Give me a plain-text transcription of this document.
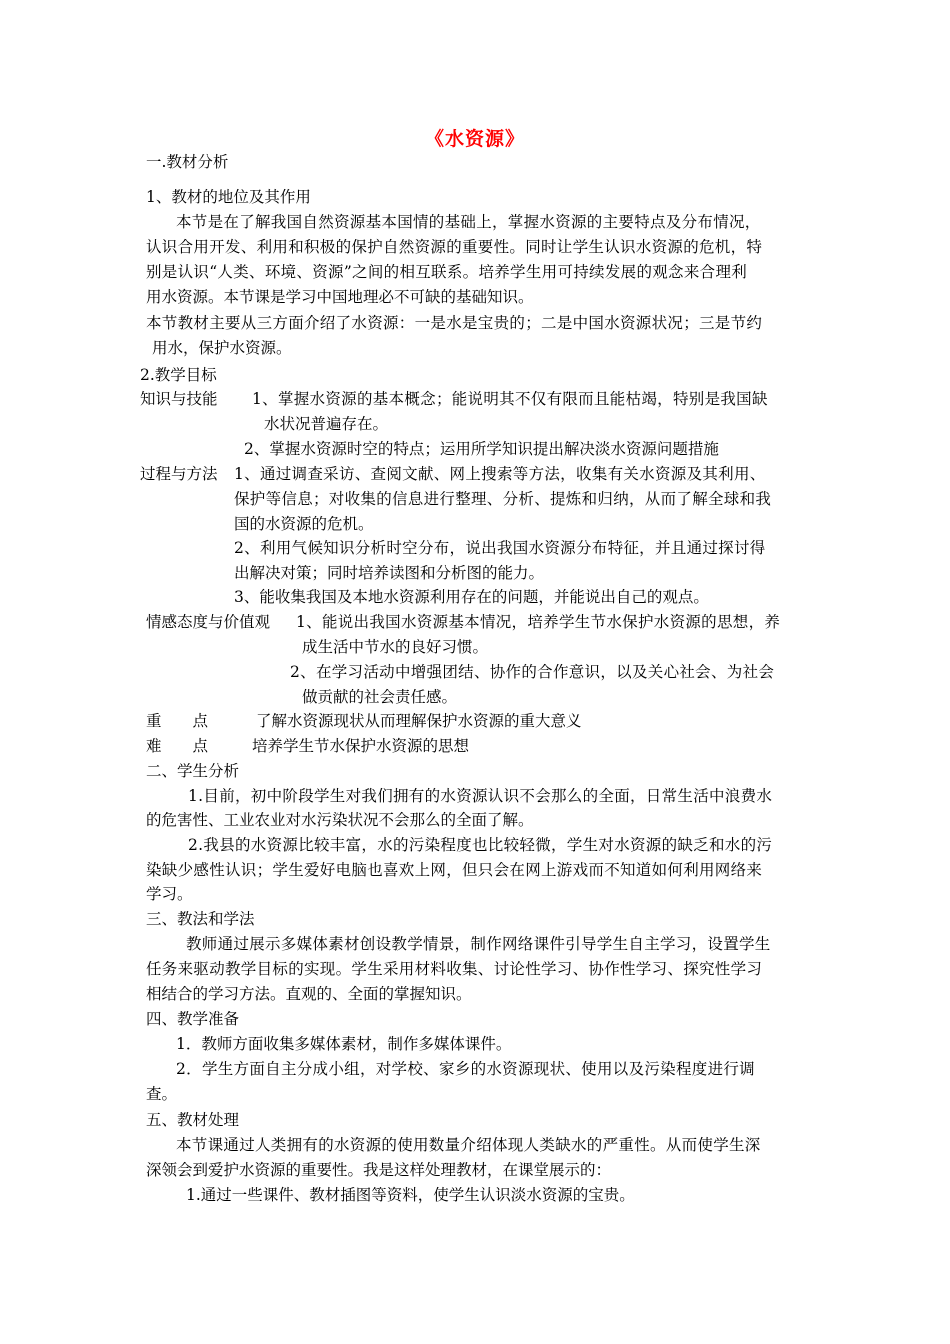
《水资源》
一.教材分析
1、教材的地位及其作用
本节是在了解我国自然资源基本国情的基础上，掌握水资源的主要特点及分布情况，
认识合用开发、利用和积极的保护自然资源的重要性。同时让学生认识水资源的危机，特
别是认识“人类、环境、资源”之间的相互联系。培养学生用可持续发展的观念来合理利
用水资源。本节课是学习中国地理必不可缺的基础知识。
本节教材主要从三方面介绍了水资源：一是水是宝贵的；二是中国水资源状况；三是节约
用水，保护水资源。
2.教学目标
知识与技能 1、掌握水资源的基本概念；能说明其不仅有限而且能枯竭，特别是我国缺
水状况普遍存在。
2、掌握水资源时空的特点；运用所学知识提出解决淡水资源问题措施
过程与方法 1、通过调查采访、查阅文献、网上搜索等方法，收集有关水资源及其利用、
保护等信息；对收集的信息进行整理、分析、提炼和归纳，从而了解全球和我
国的水资源的危机。
2、利用气候知识分析时空分布，说出我国水资源分布特征，并且通过探讨得
出解决对策；同时培养读图和分析图的能力。
3、能收集我国及本地水资源利用存在的问题，并能说出自己的观点。
情感态度与价值观 1、能说出我国水资源基本情况，培养学生节水保护水资源的思想，养
成生活中节水的良好习惯。
2、在学习活动中增强团结、协作的合作意识，以及关心社会、为社会
做贡献的社会责任感。
重　　点	了解水资源现状从而理解保护水资源的重大意义
难　　点	培养学生节水保护水资源的思想
二、学生分析
1.目前，初中阶段学生对我们拥有的水资源认识不会那么的全面，日常生活中浪费水
的危害性、工业农业对水污染状况不会那么的全面了解。
2.我县的水资源比较丰富，水的污染程度也比较轻微，学生对水资源的缺乏和水的污
染缺少感性认识；学生爱好电脑也喜欢上网，但只会在网上游戏而不知道如何利用网络来
学习。
三、教法和学法
教师通过展示多媒体素材创设教学情景，制作网络课件引导学生自主学习，设置学生
任务来驱动教学目标的实现。学生采用材料收集、讨论性学习、协作性学习、探究性学习
相结合的学习方法。直观的、全面的掌握知识。
四、教学准备
1．教师方面收集多媒体素材，制作多媒体课件。
2．学生方面自主分成小组，对学校、家乡的水资源现状、使用以及污染程度进行调
查。
五、教材处理
本节课通过人类拥有的水资源的使用数量介绍体现人类缺水的严重性。从而使学生深
深领会到爱护水资源的重要性。我是这样处理教材，在课堂展示的：
1.通过一些课件、教材插图等资料，使学生认识淡水资源的宝贵。
